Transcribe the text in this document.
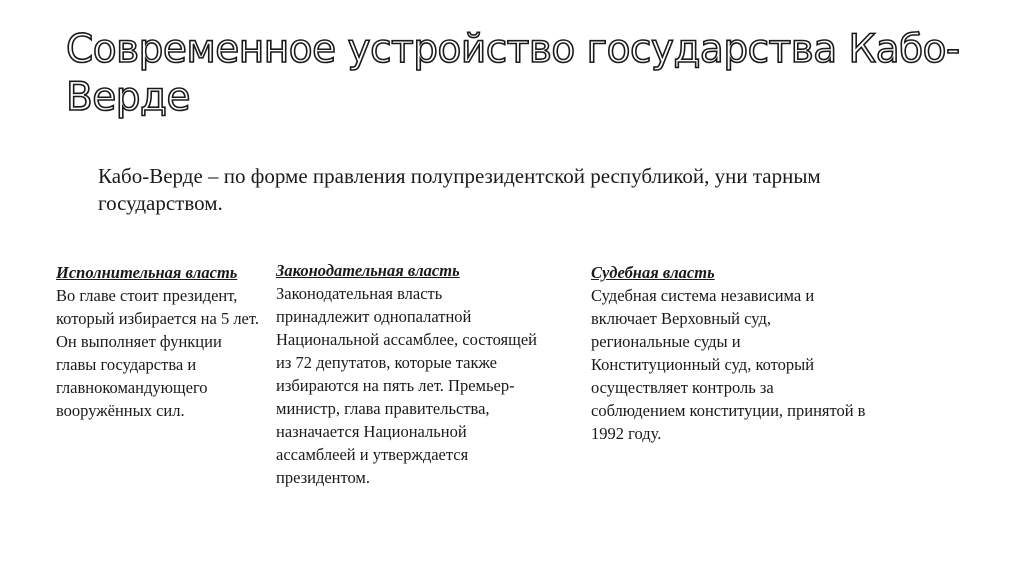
Современное устройство государства Кабо-Верде

Кабо-Верде – по форме правления полупрезидентской республикой, уни тарным государством.

Исполнительная власть
Во главе стоит президент, который избирается на 5 лет. Он выполняет функции главы государства и главнокомандующего вооружённых сил.
Законодательная власть
Законодательная власть принадлежит однопалатной Национальной ассамблее, состоящей из 72 депутатов, которые также избираются на пять лет. Премьер-министр, глава правительства, назначается Национальной ассамблеей и утверждается президентом.
Судебная власть
Судебная система независима и включает Верховный суд, региональные суды и Конституционный суд, который осуществляет контроль за соблюдением конституции, принятой в 1992 году.
